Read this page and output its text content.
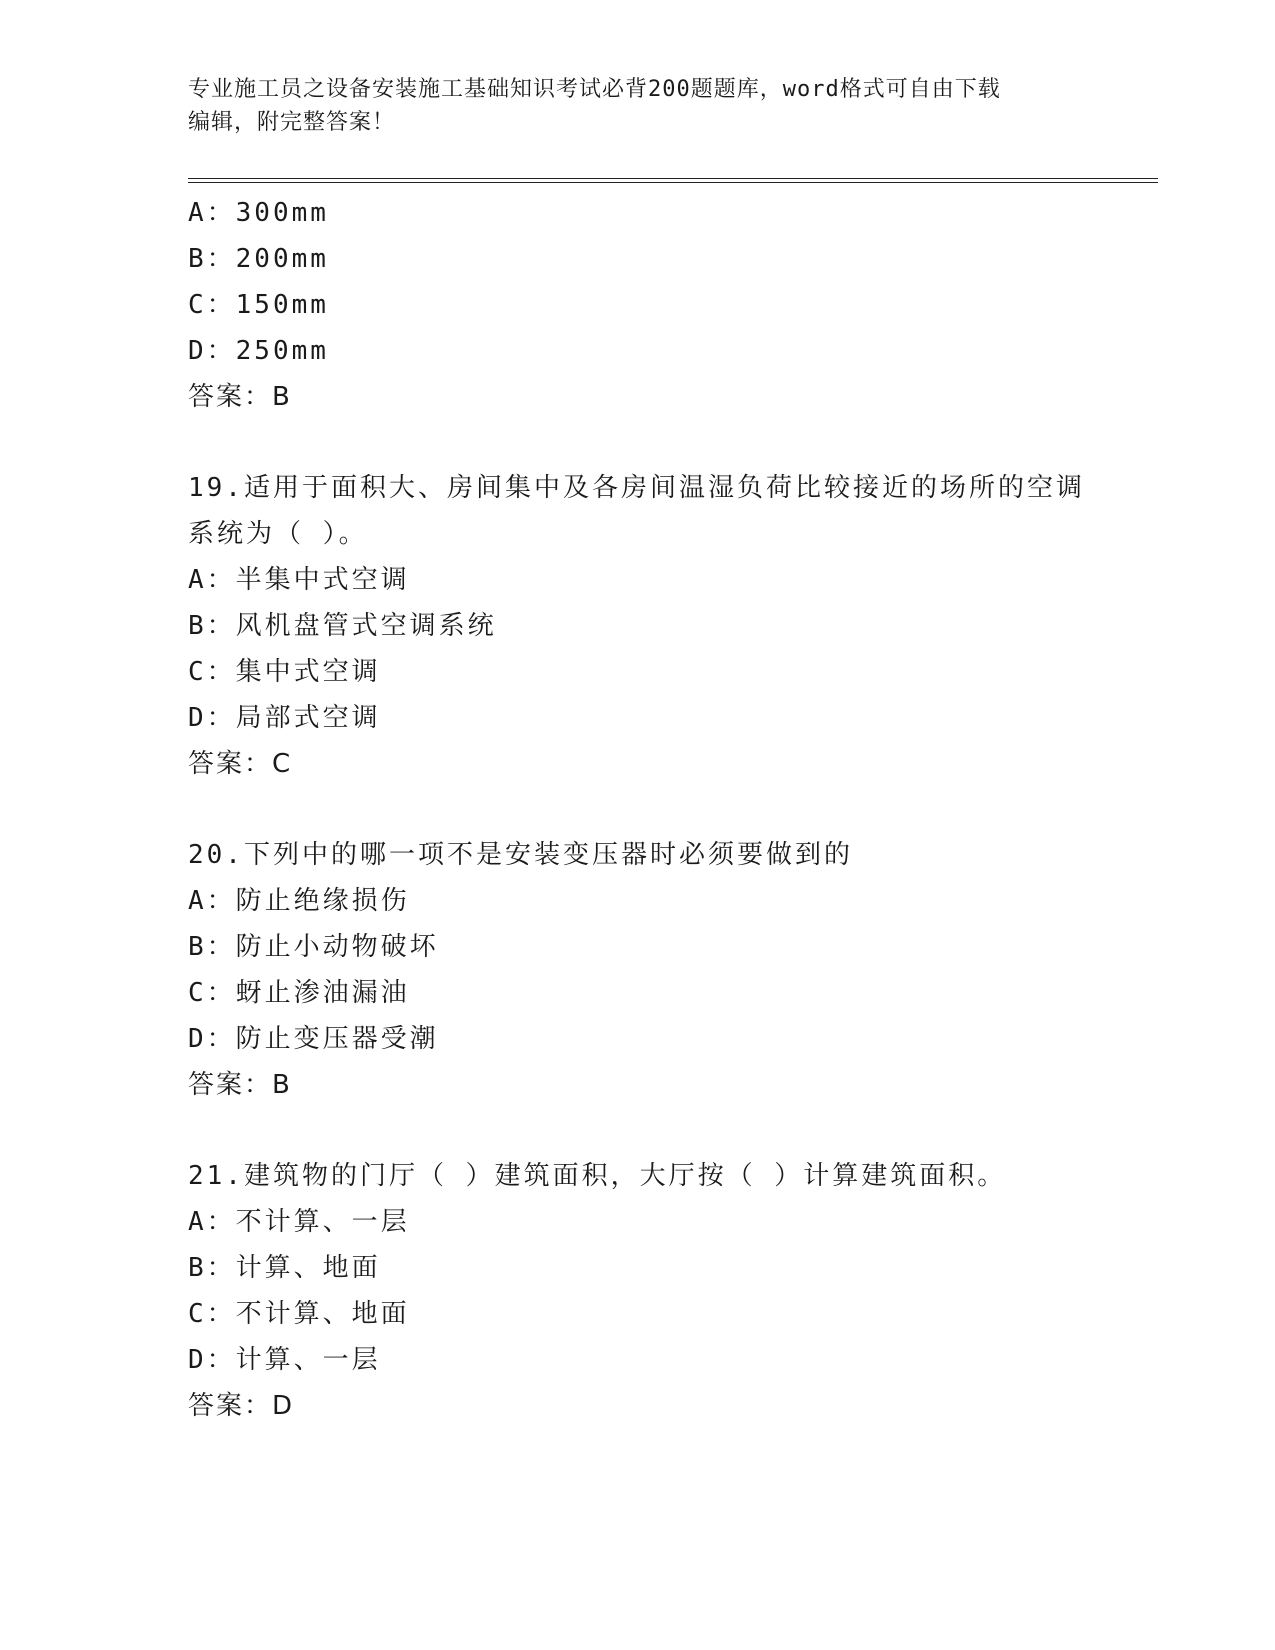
专业施工员之设备安装施工基础知识考试必背200题题库，word格式可自由下载
编辑，附完整答案！
A：300mm
B：200mm
C：150mm
D：250mm
答案：B
19.适用于面积大、房间集中及各房间温湿负荷比较接近的场所的空调
系统为（ ）。
A：半集中式空调
B：风机盘管式空调系统
C：集中式空调
D：局部式空调
答案：C
20.下列中的哪一项不是安装变压器时必须要做到的
A：防止绝缘损伤
B：防止小动物破坏
C：蚜止渗油漏油
D：防止变压器受潮
答案：B
21.建筑物的门厅（ ）建筑面积，大厅按（ ）计算建筑面积。
A：不计算、一层
B：计算、地面
C：不计算、地面
D：计算、一层
答案：D
